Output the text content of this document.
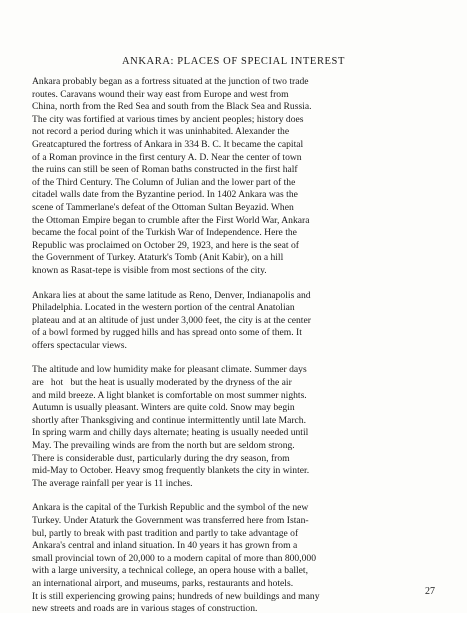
ANKARA: PLACES OF SPECIAL INTEREST

Ankara probably began as a fortress situated at the junction of two trade
routes. Caravans wound their way east from Europe and west from
China, north from the Red Sea and south from the Black Sea and Russia.
The city was fortified at various times by ancient peoples; history does
not record a period during which it was uninhabited. Alexander the
Greatcaptured the fortress of Ankara in 334 B. C. It became the capital
of a Roman province in the first century A. D. Near the center of town
the ruins can still be seen of Roman baths constructed in the first half
of the Third Century. The Column of Julian and the lower part of the
citadel walls date from the Byzantine period. In 1402 Ankara was the
scene of Tammerlane's defeat of the Ottoman Sultan Beyazid. When
the Ottoman Empire began to crumble after the First World War, Ankara
became the focal point of the Turkish War of Independence. Here the
Republic was proclaimed on October 29, 1923, and here is the seat of
the Government of Turkey. Ataturk's Tomb (Anit Kabir), on a hill
known as Rasat-tepe is visible from most sections of the city.

Ankara lies at about the same latitude as Reno, Denver, Indianapolis and
Philadelphia. Located in the western portion of the central Anatolian
plateau and at an altitude of just under 3,000 feet, the city is at the center
of a bowl formed by rugged hills and has spread onto some of them. It
offers spectacular views.

The altitude and low humidity make for pleasant climate. Summer days
are   hot   but the heat is usually moderated by the dryness of the air
and mild breeze. A light blanket is comfortable on most summer nights.
Autumn is usually pleasant. Winters are quite cold. Snow may begin
shortly after Thanksgiving and continue intermittently until late March.
In spring warm and chilly days alternate; heating is usually needed until
May. The prevailing winds are from the north but are seldom strong.
There is considerable dust, particularly during the dry season, from
mid-May to October. Heavy smog frequently blankets the city in winter.
The average rainfall per year is 11 inches.

Ankara is the capital of the Turkish Republic and the symbol of the new
Turkey. Under Ataturk the Government was transferred here from Istan-
bul, partly to break with past tradition and partly to take advantage of
Ankara's central and inland situation. In 40 years it has grown from a
small provincial town of 20,000 to a modern capital of more than 800,000
with a large university, a technical college, an opera house with a ballet,
an international airport, and museums, parks, restaurants and hotels.
It is still experiencing growing pains; hundreds of new buildings and many
new streets and roads are in various stages of construction.

27
